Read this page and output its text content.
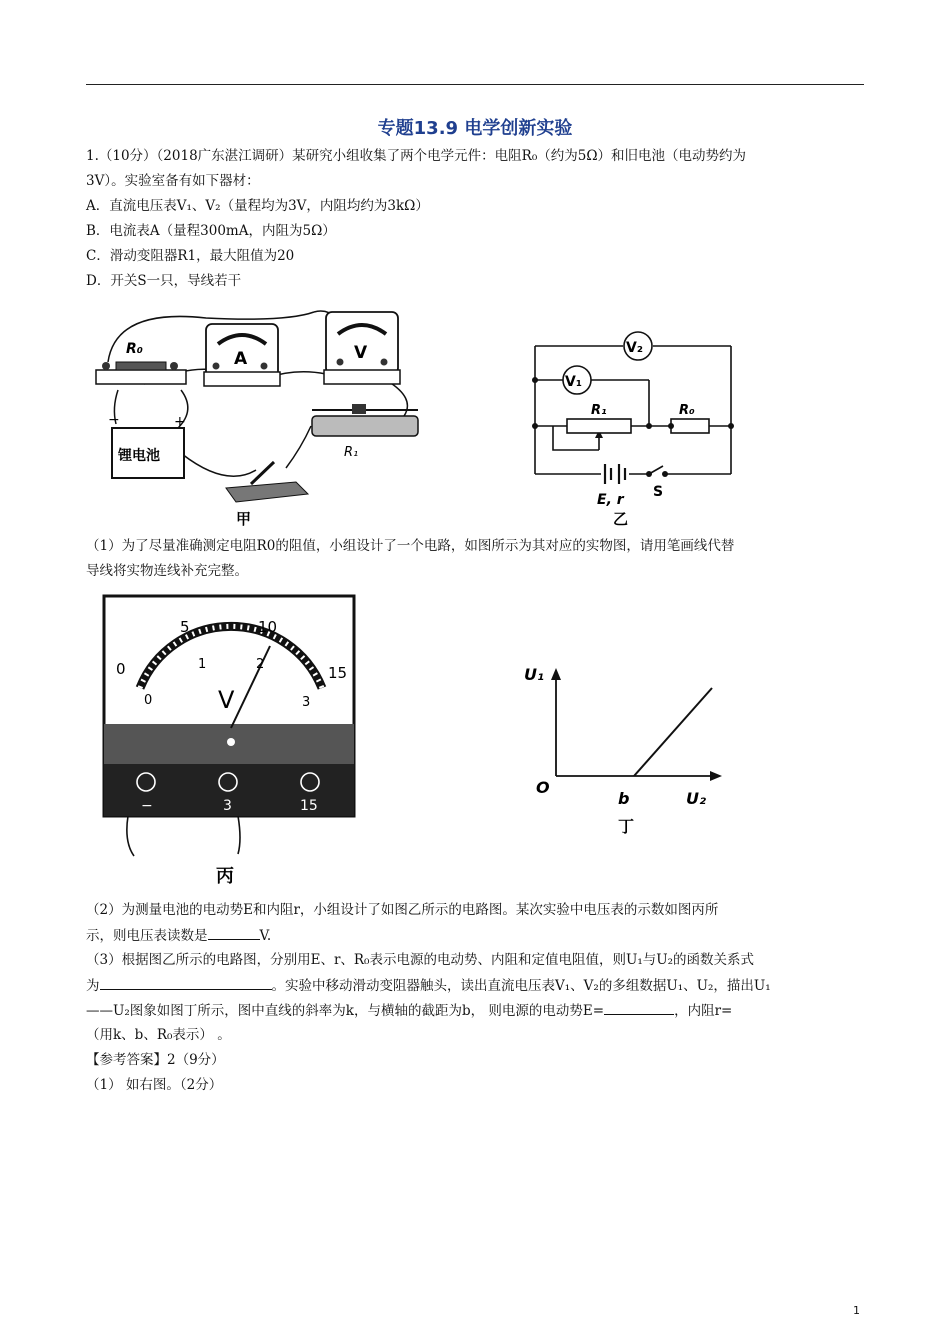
专题13.9 电学创新实验
1.（10分）（2018广东湛江调研）某研究小组收集了两个电学元件：电阻R₀（约为5Ω）和旧电池（电动势约为
3V）。实验室备有如下器材：
A．直流电压表V₁、V₂（量程均为3V，内阻均约为3kΩ）
B．电流表A（量程300mA，内阻为5Ω）
C．滑动变阻器R1，最大阻值为20
D．开关S一只，导线若干
R₀	A	V
锂电池
−	+
R₁
甲
V₂
V₁
R₁	R₀
E, r S
乙
（1）为了尽量准确测定电阻R0的阻值，小组设计了一个电路，如图所示为其对应的实物图，请用笔画线代替
导线将实物连线补充完整。
0
5	10
15
0
1	2
3
V
−	3	15
丙
U₁
O
b	U₂
丁
（2）为测量电池的电动势E和内阻r，小组设计了如图乙所示的电路图。某次实验中电压表的示数如图丙所
示，则电压表读数是	V.
（3）根据图乙所示的电路图，分别用E、r、R₀表示电源的电动势、内阻和定值电阻值，则U₁与U₂的函数关系式
为	。实验中移动滑动变阻器触头，读出直流电压表V₁、V₂的多组数据U₁、U₂，描出U₁
——U₂图象如图丁所示，图中直线的斜率为k，与横轴的截距为b， 则电源的电动势E=	，内阻r=
（用k、b、R₀表示） 。
【参考答案】2（9分）
（1） 如右图。（2分）
1
